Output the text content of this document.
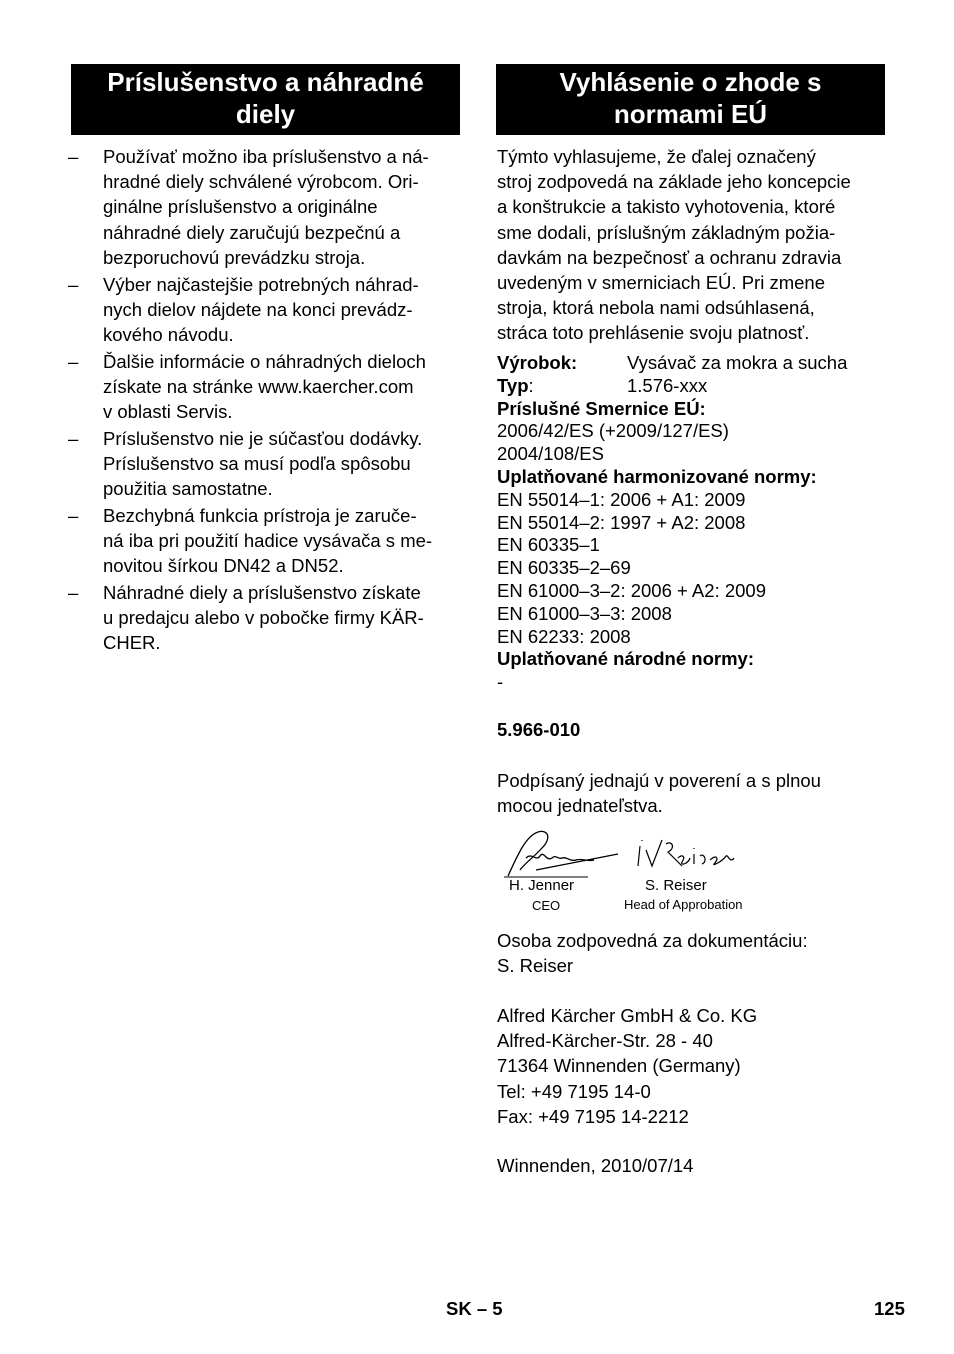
Príslušenstvo a náhradné
diely
Vyhlásenie o zhode s
normami EÚ
–	Používať možno iba príslušenstvo a ná-
hradné diely schválené výrobcom. Ori-
ginálne príslušenstvo a originálne
náhradné diely zaručujú bezpečnú a
bezporuchovú prevádzku stroja.
–	Výber najčastejšie potrebných náhrad-
nych dielov nájdete na konci prevádz-
kového návodu.
–	Ďalšie informácie o náhradných dieloch
získate na stránke www.kaercher.com
v oblasti Servis.
–	Príslušenstvo nie je súčasťou dodávky.
Príslušenstvo sa musí podľa spôsobu
použitia samostatne.
–	Bezchybná funkcia prístroja je zaruče-
ná iba pri použití hadice vysávača s me-
novitou šírkou DN42 a DN52.
–	Náhradné diely a príslušenstvo získate
u predajcu alebo v pobočke firmy KÄR-
CHER.
Týmto vyhlasujeme, že ďalej označený
stroj zodpovedá na základe jeho koncepcie
a konštrukcie a takisto vyhotovenia, ktoré
sme dodali, príslušným základným požia-
davkám na bezpečnosť a ochranu zdravia
uvedeným v smerniciach EÚ. Pri zmene
stroja, ktorá nebola nami odsúhlasená,
stráca toto prehlásenie svoju platnosť.
Výrobok:	Vysávač za mokra a sucha
Typ:	1.576-xxx
Príslušné Smernice EÚ:
2006/42/ES (+2009/127/ES)
2004/108/ES
Uplatňované harmonizované normy:
EN 55014–1: 2006 + A1: 2009
EN 55014–2: 1997 + A2: 2008
EN 60335–1
EN 60335–2–69
EN 61000–3–2: 2006 + A2: 2009
EN 61000–3–3: 2008
EN 62233: 2008
Uplatňované národné normy:
-
5.966-010
Podpísaný jednajú v poverení a s plnou
mocou jednateľstva.
H. Jenner
CEO
S. Reiser
Head of Approbation
Osoba zodpovedná za dokumentáciu:
S. Reiser
Alfred Kärcher GmbH & Co. KG
Alfred-Kärcher-Str. 28 - 40
71364 Winnenden (Germany)
Tel: +49 7195 14-0
Fax: +49 7195 14-2212
Winnenden, 2010/07/14
SK – 5	125
